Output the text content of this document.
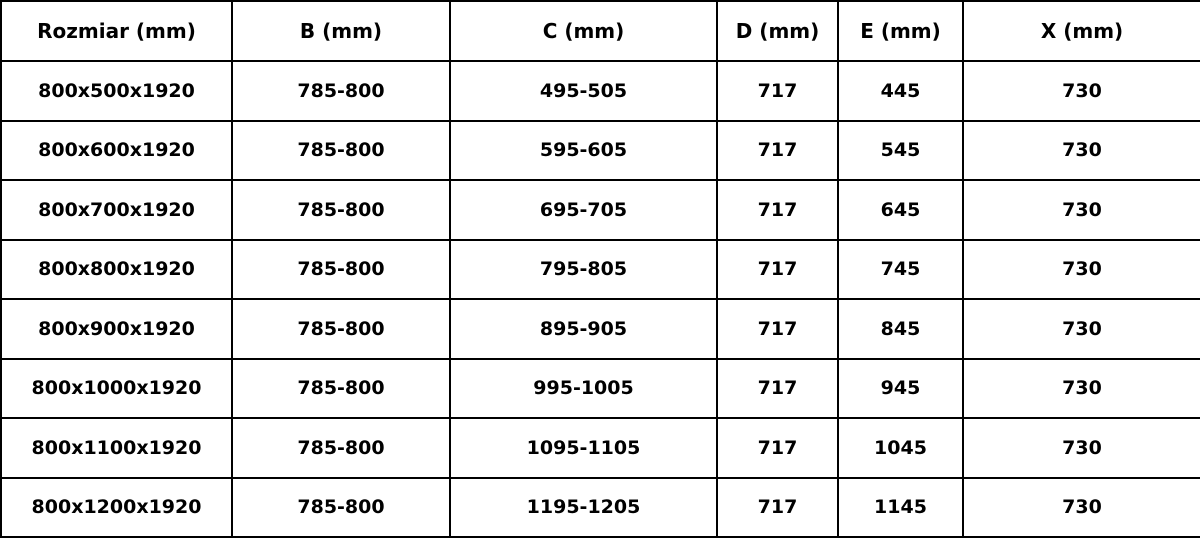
Rozmiar (mm)	B (mm)	C (mm)	D (mm)	E (mm)	X (mm)
800x500x1920	785-800	495-505	717	445	730
800x600x1920	785-800	595-605	717	545	730
800x700x1920	785-800	695-705	717	645	730
800x800x1920	785-800	795-805	717	745	730
800x900x1920	785-800	895-905	717	845	730
800x1000x1920	785-800	995-1005	717	945	730
800x1100x1920	785-800	1095-1105	717	1045	730
800x1200x1920	785-800	1195-1205	717	1145	730
